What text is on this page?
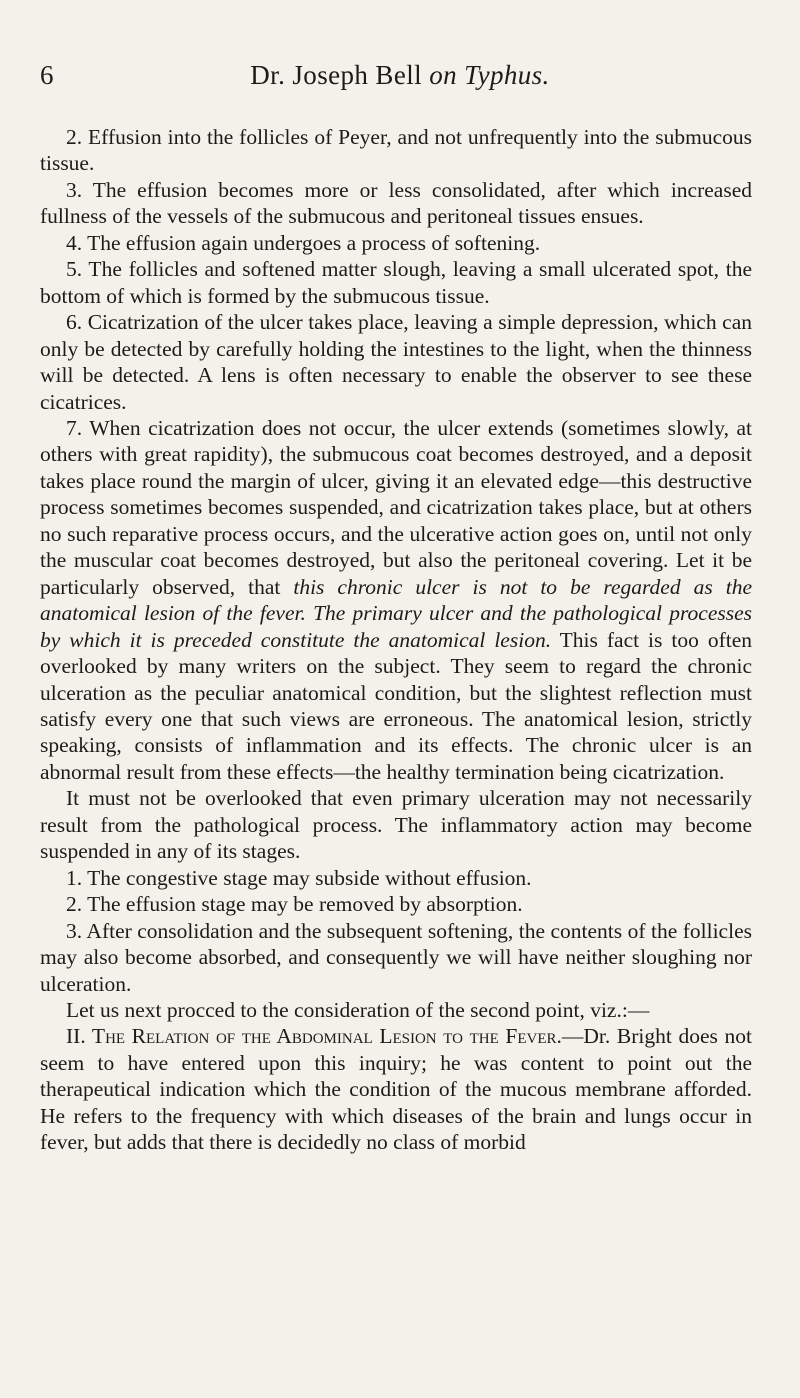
6	Dr. Joseph Bell on Typhus.

2. Effusion into the follicles of Peyer, and not unfrequently into the submucous tissue.

3. The effusion becomes more or less consolidated, after which increased fullness of the vessels of the submucous and peritoneal tissues ensues.

4. The effusion again undergoes a process of softening.

5. The follicles and softened matter slough, leaving a small ulcerated spot, the bottom of which is formed by the submucous tissue.

6. Cicatrization of the ulcer takes place, leaving a simple depression, which can only be detected by carefully holding the intestines to the light, when the thinness will be detected. A lens is often necessary to enable the observer to see these cicatrices.

7. When cicatrization does not occur, the ulcer extends (sometimes slowly, at others with great rapidity), the submucous coat becomes destroyed, and a deposit takes place round the margin of ulcer, giving it an elevated edge—this destructive process sometimes becomes suspended, and cicatrization takes place, but at others no such reparative process occurs, and the ulcerative action goes on, until not only the muscular coat becomes destroyed, but also the peritoneal covering. Let it be particularly observed, that this chronic ulcer is not to be regarded as the anatomical lesion of the fever. The primary ulcer and the pathological processes by which it is preceded constitute the anatomical lesion. This fact is too often overlooked by many writers on the subject. They seem to regard the chronic ulceration as the peculiar anatomical condition, but the slightest reflection must satisfy every one that such views are erroneous. The anatomical lesion, strictly speaking, consists of inflammation and its effects. The chronic ulcer is an abnormal result from these effects—the healthy termination being cicatrization.

It must not be overlooked that even primary ulceration may not necessarily result from the pathological process. The inflammatory action may become suspended in any of its stages.

1. The congestive stage may subside without effusion.

2. The effusion stage may be removed by absorption.

3. After consolidation and the subsequent softening, the contents of the follicles may also become absorbed, and consequently we will have neither sloughing nor ulceration.

Let us next procced to the consideration of the second point, viz.:—

II. The Relation of the Abdominal Lesion to the Fever.—Dr. Bright does not seem to have entered upon this inquiry; he was content to point out the therapeutical indication which the condition of the mucous membrane afforded. He refers to the frequency with which diseases of the brain and lungs occur in fever, but adds that there is decidedly no class of morbid
